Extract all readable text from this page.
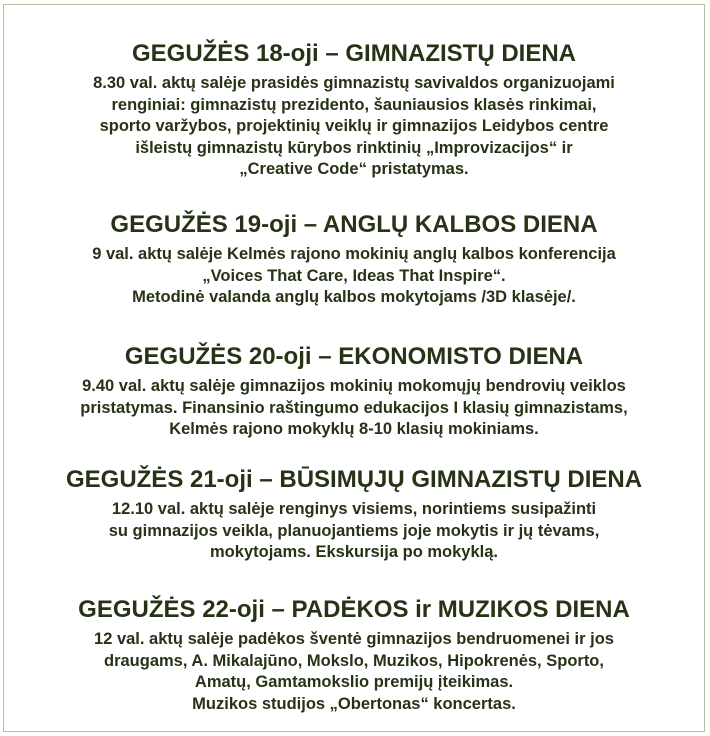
GEGUŽĖS 18-oji – GIMNAZISTŲ DIENA

8.30 val. aktų salėje prasidės gimnazistų savivaldos organizuojami
renginiai: gimnazistų prezidento, šauniausios klasės rinkimai,
sporto varžybos, projektinių veiklų ir gimnazijos Leidybos centre
išleistų gimnazistų kūrybos rinktinių „Improvizacijos“ ir
„Creative Code“ pristatymas.

GEGUŽĖS 19-oji – ANGLŲ KALBOS DIENA

9 val. aktų salėje Kelmės rajono mokinių anglų kalbos konferencija
„Voices That Care, Ideas That Inspire“.
Metodinė valanda anglų kalbos mokytojams /3D klasėje/.

GEGUŽĖS 20-oji – EKONOMISTO DIENA

9.40 val. aktų salėje gimnazijos mokinių mokomųjų bendrovių veiklos
pristatymas. Finansinio raštingumo edukacijos I klasių gimnazistams,
Kelmės rajono mokyklų 8-10 klasių mokiniams.

GEGUŽĖS 21-oji – BŪSIMŲJŲ GIMNAZISTŲ DIENA

12.10 val. aktų salėje renginys visiems, norintiems susipažinti
su gimnazijos veikla, planuojantiems joje mokytis ir jų tėvams,
mokytojams. Ekskursija po mokyklą.

GEGUŽĖS 22-oji – PADĖKOS ir MUZIKOS DIENA

12 val. aktų salėje padėkos šventė gimnazijos bendruomenei ir jos
draugams, A. Mikalajūno, Mokslo, Muzikos, Hipokrenės, Sporto,
Amatų, Gamtamokslio premijų įteikimas.
Muzikos studijos „Obertonas“ koncertas.
